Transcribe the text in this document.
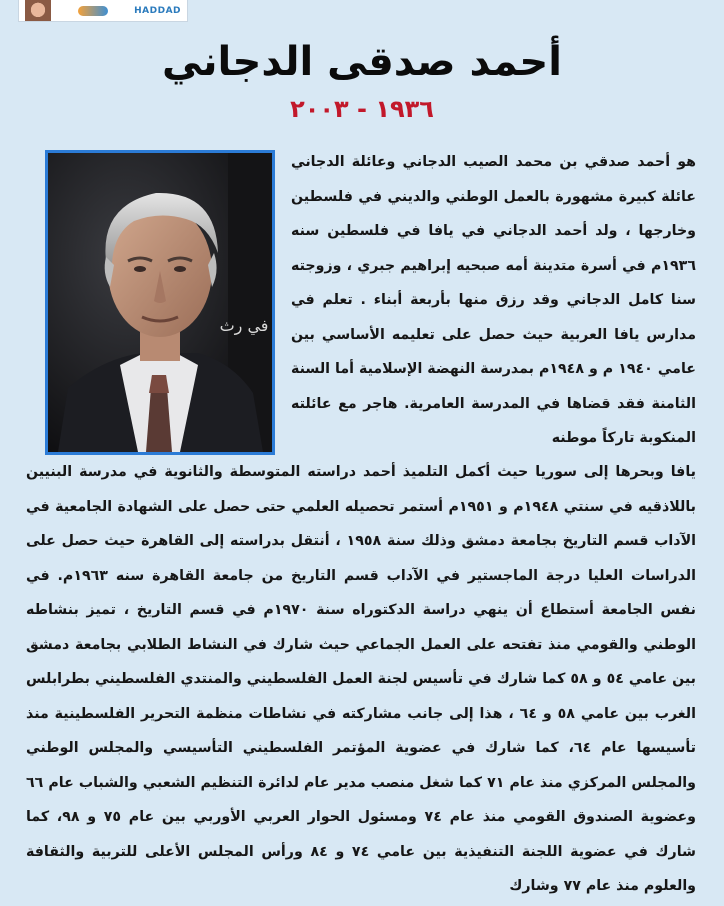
HADDAD
أحمد صدقى الدجاني
١٩٣٦ - ٢٠٠٣
في رث

هو أحمد صدقي بن محمد الصيب الدجاني وعائلة الدجاني عائلة كبيرة مشهورة بالعمل الوطني والديني في فلسطين وخارجها ، ولد أحمد الدجاني في يافا في فلسطين سنه ١٩٣٦م في أسرة متدينة أمه صبحيه إبراهيم جبري ، وزوجته سنا كامل الدجاني وقد رزق منها بأربعة أبناء . تعلم في مدارس يافا العربية حيث حصل على تعليمه الأساسي بين عامي ١٩٤٠ م و ١٩٤٨م بمدرسة النهضة الإسلامية أما السنة الثامنة فقد قضاها في المدرسة العامرية. هاجر مع عائلته المنكوبة تاركاً موطنه

يافا وبحرها إلى سوريا حيث أكمل التلميذ أحمد دراسته المتوسطة والثانوية في مدرسة البنيين باللاذقيه في سنتي ١٩٤٨م و ١٩٥١م أستمر تحصيله العلمي حتى حصل على الشهادة الجامعية في الآداب قسم التاريخ بجامعة دمشق وذلك سنة ١٩٥٨ ، أنتقل بدراسته إلى القاهرة حيث حصل على الدراسات العليا درجة الماجستير في الآداب قسم التاريخ من جامعة القاهرة سنه ١٩٦٣م. في نفس الجامعة أستطاع أن ينهي دراسة الدكتوراه سنة ١٩٧٠م في قسم التاريخ ، تميز بنشاطه الوطني والقومي منذ تفتحه على العمل الجماعي حيث شارك في النشاط الطلابي بجامعة دمشق بين عامي ٥٤ و ٥٨ كما شارك في تأسيس لجنة العمل الفلسطيني والمنتدي الفلسطيني بطرابلس الغرب بين عامي ٥٨ و ٦٤ ، هذا إلى جانب مشاركته في نشاطات منظمة التحرير الفلسطينية منذ تأسيسها عام ٦٤، كما شارك في عضوية المؤتمر الفلسطيني التأسيسي والمجلس الوطني والمجلس المركزي منذ عام ٧١ كما شغل منصب مدير عام لدائرة التنظيم الشعبي والشباب عام ٦٦ وعضوية الصندوق القومي منذ عام ٧٤ ومسئول الحوار العربي الأوربي بين عام ٧٥ و ٩٨، كما شارك في عضوية اللجنة التنفيذية بين عامي ٧٤ و ٨٤ ورأس المجلس الأعلى للتربية والثقافة والعلوم منذ عام ٧٧ وشارك
